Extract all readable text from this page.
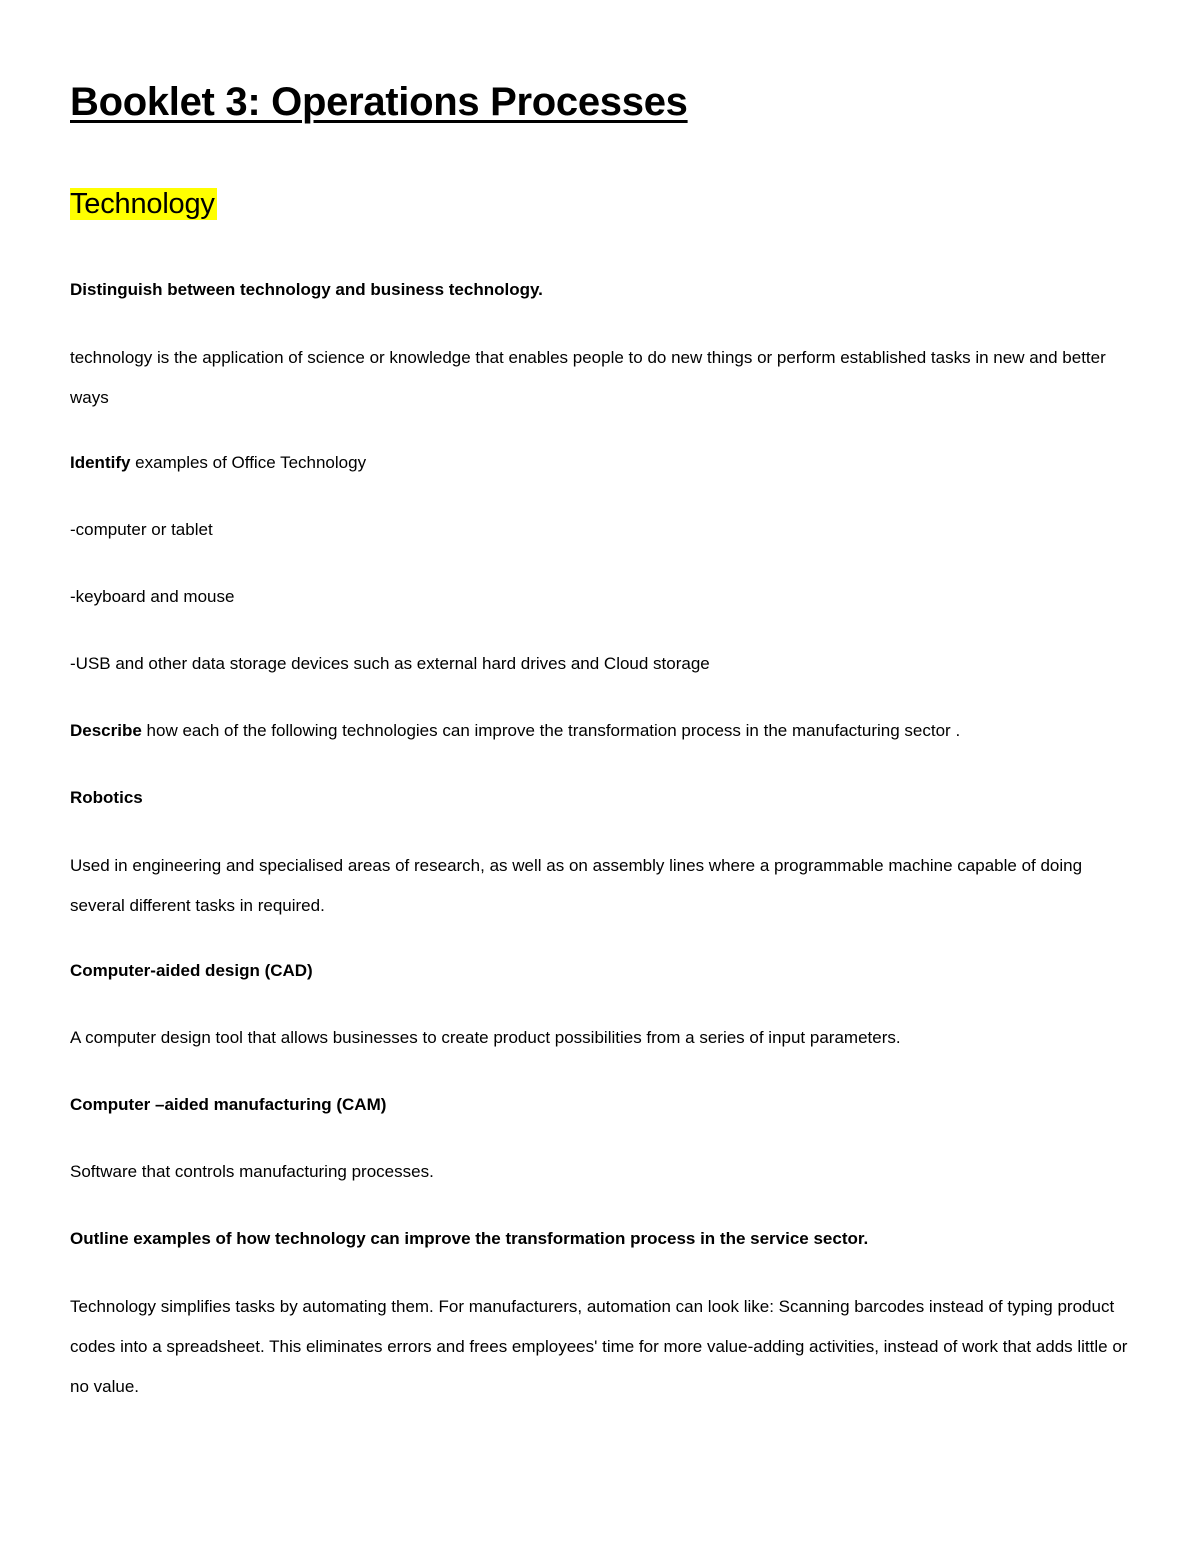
Booklet 3: Operations Processes
Technology
Distinguish between technology and business technology.
technology is the application of science or knowledge that enables people to do new things or perform established tasks in new and better ways
Identify examples of Office Technology
-computer or tablet
-keyboard and mouse
-USB and other data storage devices such as external hard drives and Cloud storage
Describe how each of the following technologies can improve the transformation process in the manufacturing sector .
Robotics
Used in engineering and specialised areas of research, as well as on assembly lines where a programmable machine capable of doing several different tasks in required.
Computer-aided design (CAD)
A computer design tool that allows businesses to create product possibilities from a series of input parameters.
Computer –aided manufacturing (CAM)
Software that controls manufacturing processes.
Outline examples of how technology can improve the transformation process in the service sector.
Technology simplifies tasks by automating them. For manufacturers, automation can look like: Scanning barcodes instead of typing product codes into a spreadsheet. This eliminates errors and frees employees' time for more value-adding activities, instead of work that adds little or no value.
